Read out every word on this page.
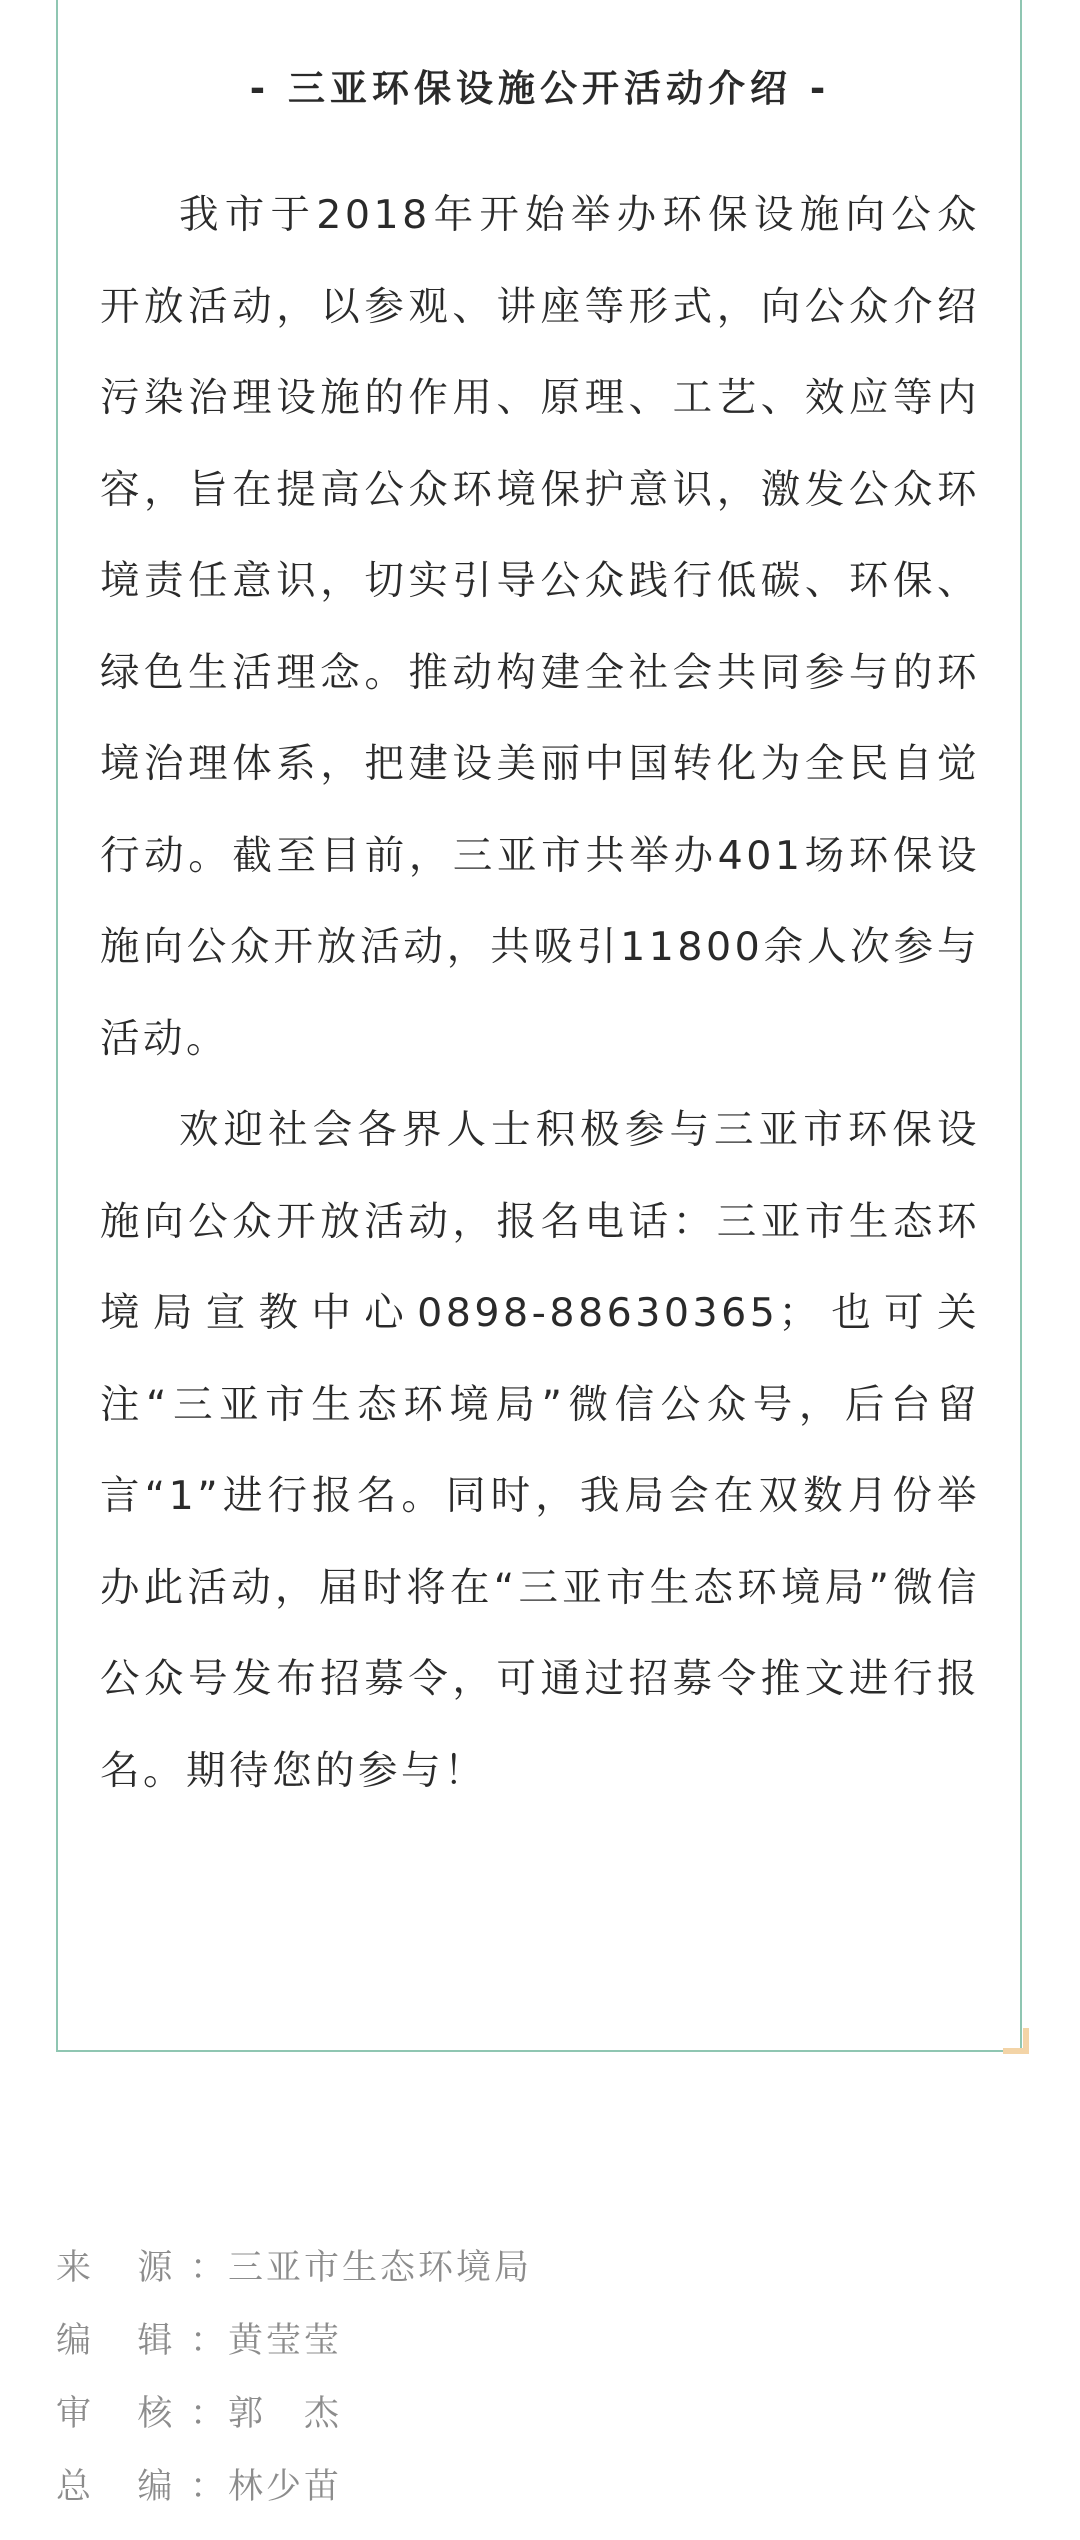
- 三亚环保设施公开活动介绍 -

我市于2018年开始举办环保设施向公众开放活动，以参观、讲座等形式，向公众介绍污染治理设施的作用、原理、工艺、效应等内容，旨在提高公众环境保护意识，激发公众环境责任意识，切实引导公众践行低碳、环保、绿色生活理念。推动构建全社会共同参与的环境治理体系，把建设美丽中国转化为全民自觉行动。截至目前，三亚市共举办401场环保设施向公众开放活动，共吸引11800余人次参与活动。

欢迎社会各界人士积极参与三亚市环保设施向公众开放活动，报名电话：三亚市生态环境局宣教中心0898-88630365；也可关注“三亚市生态环境局”微信公众号，后台留言“1”进行报名。同时，我局会在双数月份举办此活动，届时将在“三亚市生态环境局”微信公众号发布招募令，可通过招募令推文进行报名。期待您的参与！

来 源：三亚市生态环境局
编 辑：黄莹莹
审 核：郭　杰
总 编：林少苗
